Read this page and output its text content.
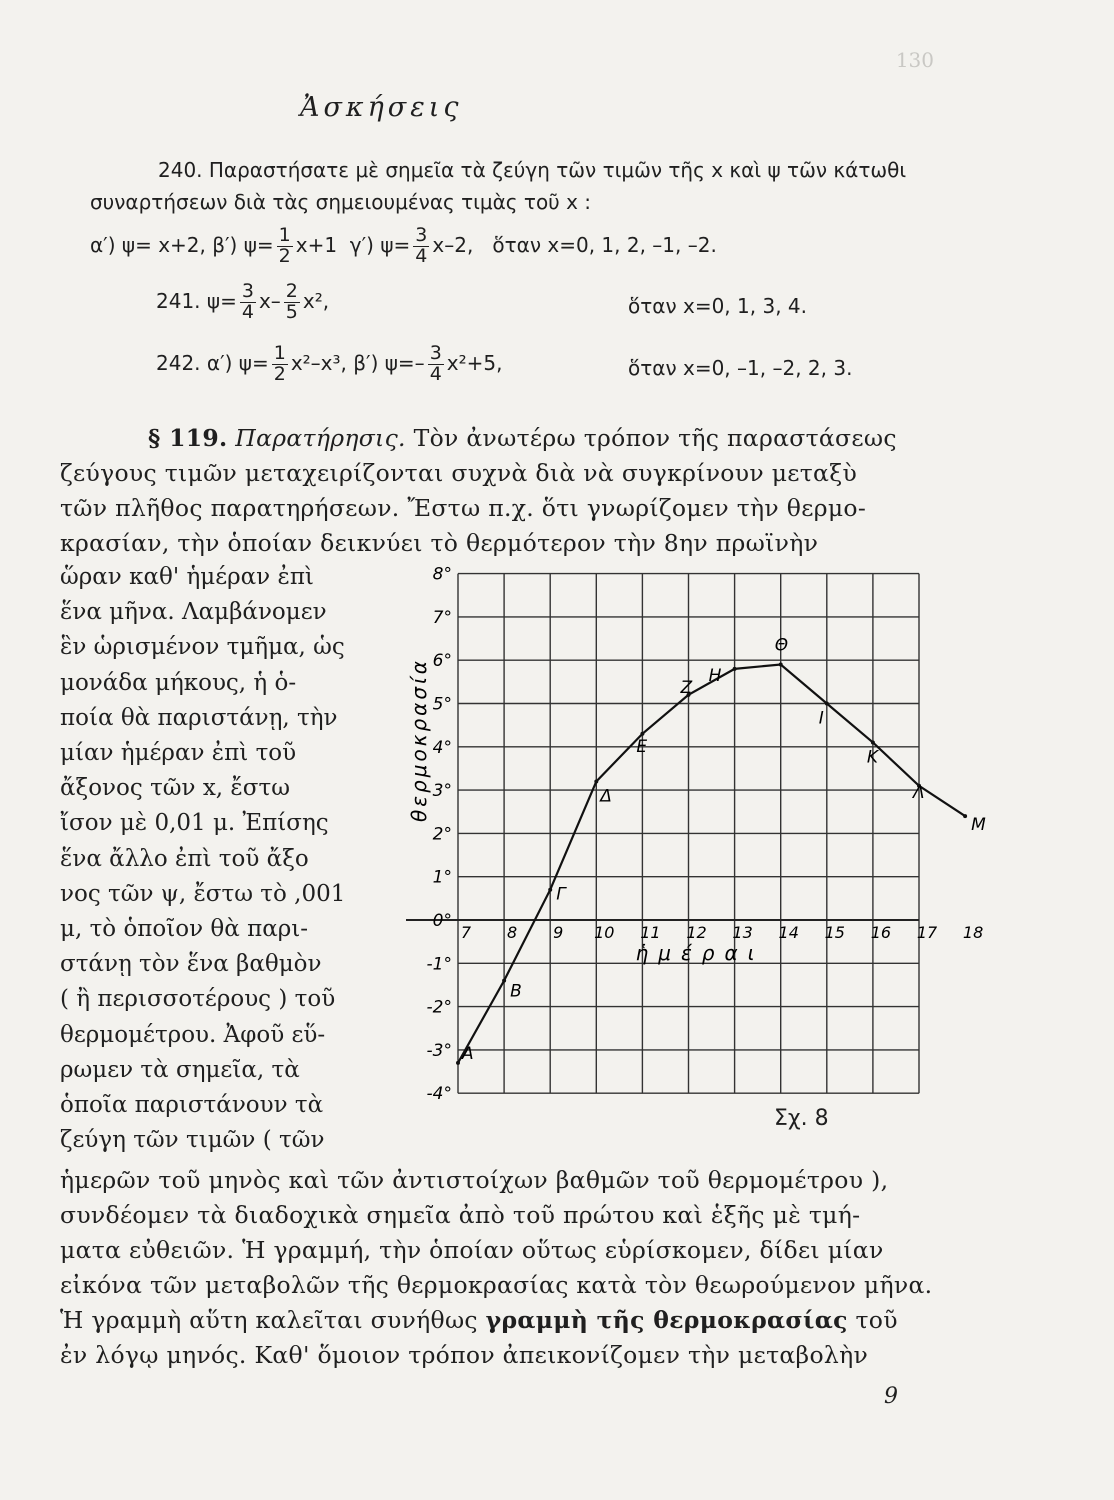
130
Ἀσκήσεις
240. Παραστήσατε μὲ σημεῖα τὰ ζεύγη τῶν τιμῶν τῆς x καὶ ψ τῶν κάτωθι
συναρτήσεων διὰ τὰς σημειουμένας τιμὰς τοῦ x :
α′) ψ= x+2, β′) $\psi= \frac{1}{2} x+1$ γ′) $\psi= \frac{3}{4} x-2$, ὅταν x=0, 1, 2, –1, –2.
241. $\psi= \frac{3}{4} x- \frac{2}{5} x^2$,	ὅταν x=0, 1, 3, 4.
242. α′) $\psi= \frac{1}{2} x^2-x^3$, β′) $\psi=- \frac{3}{4} x^2+5$,	ὅταν x=0, –1, –2, 2, 3.
§ 119. Παρατήρησις. Τὸν ἀνωτέρω τρόπον τῆς παραστάσεως
ζεύγους τιμῶν μεταχειρίζονται συχνὰ διὰ νὰ συγκρίνουν μεταξὺ
τῶν πλῆθος παρατηρήσεων. Ἔστω π.χ. ὅτι γνωρίζομεν τὴν θερμο-
κρασίαν, τὴν ὁποίαν δεικνύει τὸ θερμότερον τὴν 8ην πρωϊνὴν
ὥραν καθ' ἡμέραν ἐπὶ
ἕνα μῆνα. Λαμβάνομεν
ἓν ὡρισμένον τμῆμα, ὡς
μονάδα μήκους, ἡ ὁ-
ποία θὰ παριστάνῃ, τὴν
μίαν ἡμέραν ἐπὶ τοῦ
ἄξονος τῶν x, ἔστω
ἴσον μὲ 0,01 μ. Ἐπίσης
ἕνα ἄλλο ἐπὶ τοῦ ἄξο
νος τῶν ψ, ἔστω τὸ ,001
μ, τὸ ὁποῖον θὰ παρι-
στάνῃ τὸν ἕνα βαθμὸν
( ἢ περισσοτέρους ) τοῦ
θερμομέτρου. Ἀφοῦ εὕ-
ρωμεν τὰ σημεῖα, τὰ
ὁποῖα παριστάνουν τὰ
ζεύγη τῶν τιμῶν ( τῶν
ἡμερῶν τοῦ μηνὸς καὶ τῶν ἀντιστοίχων βαθμῶν τοῦ θερμομέτρου ),
συνδέομεν τὰ διαδοχικὰ σημεῖα ἀπὸ τοῦ πρώτου καὶ ἑξῆς μὲ τμή-
ματα εὐθειῶν. Ἡ γραμμή, τὴν ὁποίαν οὕτως εὑρίσκομεν, δίδει μίαν
εἰκόνα τῶν μεταβολῶν τῆς θερμοκρασίας κατὰ τὸν θεωρούμενον μῆνα.
Ἡ γραμμὴ αὕτη καλεῖται συνήθως γραμμὴ τῆς θερμοκρασίας τοῦ
ἐν λόγῳ μηνός. Καθ' ὅμοιον τρόπον ἀπεικονίζομεν τὴν μεταβολὴν
8°
7°
6°
5°
4°
3°
2°
1°
0°
-1°
-2°
-3°
-4°
7 8 9 10 11 12 13 14 15 16 17 18
θερμοκρασία
ἡμέραι
A
B
Γ
Δ
E
Z
H
Θ
I
K
Λ
M
Σχ. 8
9
